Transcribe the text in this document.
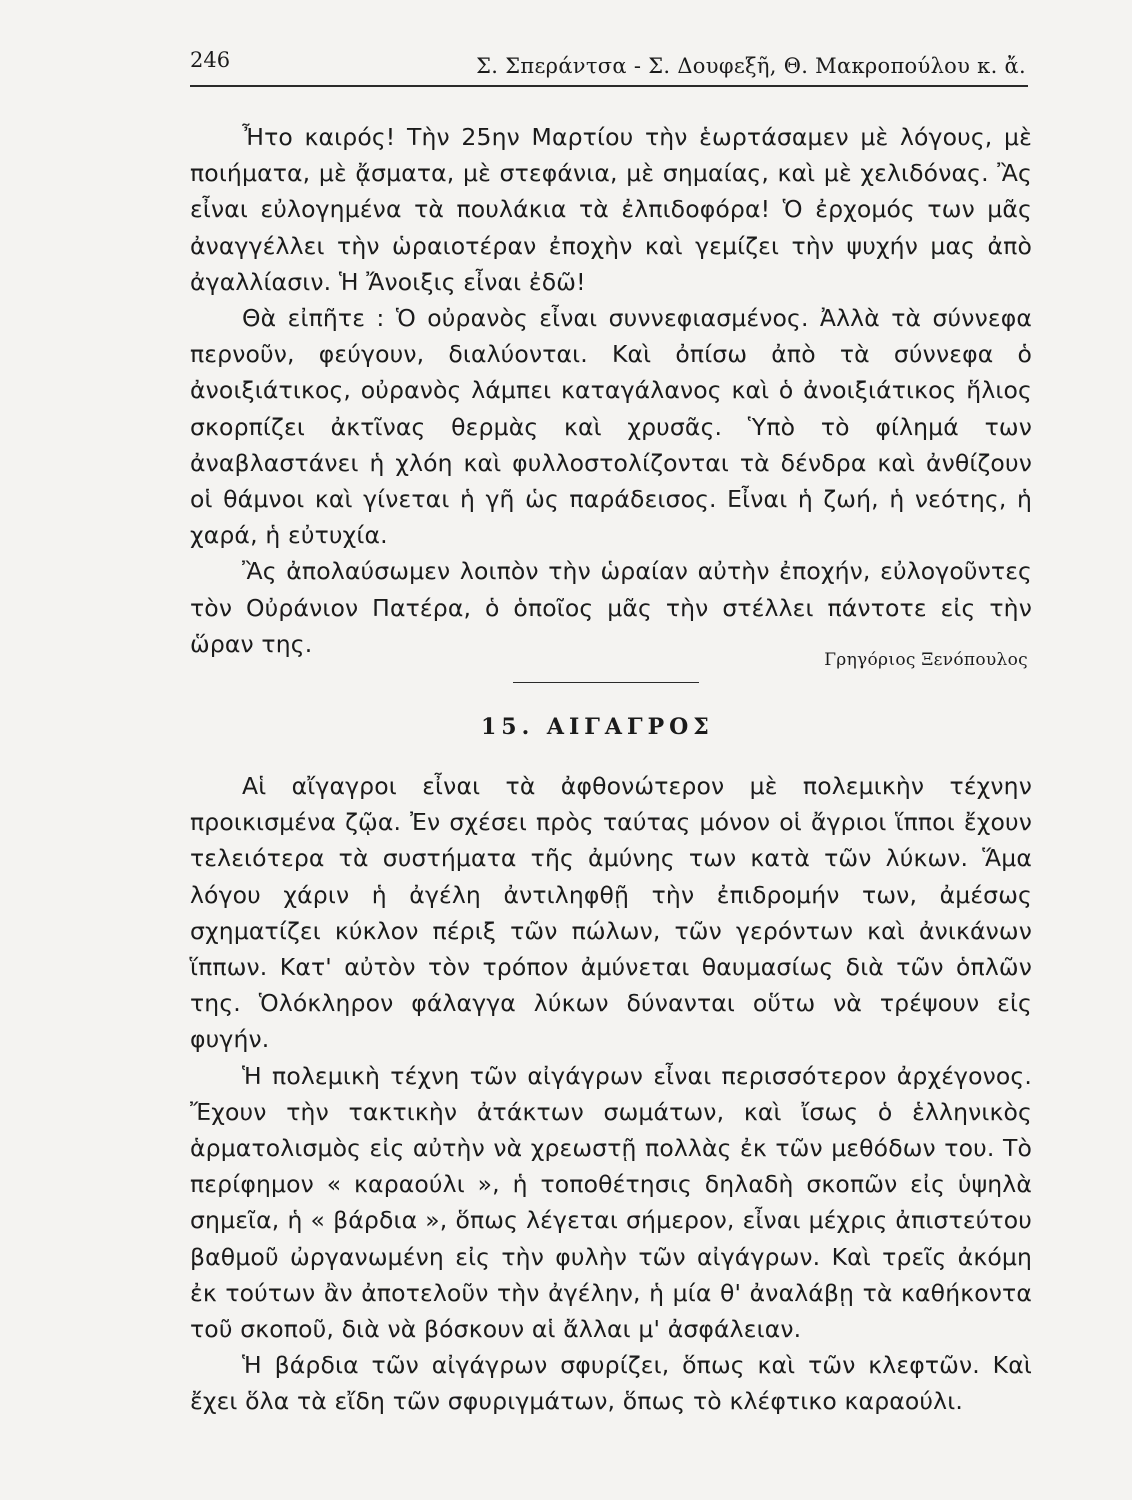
246	Σ. Σπεράντσα - Σ. Δουφεξῆ, Θ. Μακροπούλου κ. ἄ.

Ἦτο καιρός! Τὴν 25ην Μαρτίου τὴν ἑωρτάσαμεν μὲ λόγους, μὲ ποιήματα, μὲ ᾄσματα, μὲ στεφάνια, μὲ σημαίας, καὶ μὲ χελιδόνας. Ἂς εἶναι εὐλογημένα τὰ πουλάκια τὰ ἐλπιδοφόρα! Ὁ ἐρχομός των μᾶς ἀναγγέλλει τὴν ὡραιοτέραν ἐποχὴν καὶ γεμίζει τὴν ψυχήν μας ἀπὸ ἀγαλλίασιν. Ἡ Ἄνοιξις εἶναι ἐδῶ!

Θὰ εἰπῆτε : Ὁ οὐρανὸς εἶναι συννεφιασμένος. Ἀλλὰ τὰ σύννεφα περνοῦν, φεύγουν, διαλύονται. Καὶ ὀπίσω ἀπὸ τὰ σύννεφα ὁ ἀνοιξιάτικος, οὐρανὸς λάμπει καταγάλανος καὶ ὁ ἀνοιξιάτικος ἥλιος σκορπίζει ἀκτῖνας θερμὰς καὶ χρυσᾶς. Ὑπὸ τὸ φίλημά των ἀναβλαστάνει ἡ χλόη καὶ φυλλοστολίζονται τὰ δένδρα καὶ ἀνθίζουν οἱ θάμνοι καὶ γίνεται ἡ γῆ ὡς παράδεισος. Εἶναι ἡ ζωή, ἡ νεότης, ἡ χαρά, ἡ εὐτυχία.

Ἂς ἀπολαύσωμεν λοιπὸν τὴν ὡραίαν αὐτὴν ἐποχήν, εὐλογοῦντες τὸν Οὐράνιον Πατέρα, ὁ ὁποῖος μᾶς τὴν στέλλει πάντοτε εἰς τὴν ὥραν της.

Γρηγόριος Ξενόπουλος
15. ΑΙΓΑΓΡΟΣ

Αἱ αἴγαγροι εἶναι τὰ ἀφθονώτερον μὲ πολεμικὴν τέχνην προικισμένα ζῷα. Ἐν σχέσει πρὸς ταύτας μόνον οἱ ἄγριοι ἵπποι ἔχουν τελειότερα τὰ συστήματα τῆς ἀμύνης των κατὰ τῶν λύκων. Ἅμα λόγου χάριν ἡ ἀγέλη ἀντιληφθῇ τὴν ἐπιδρομήν των, ἀμέσως σχηματίζει κύκλον πέριξ τῶν πώλων, τῶν γερόντων καὶ ἀνικάνων ἵππων. Κατ' αὐτὸν τὸν τρόπον ἀμύνεται θαυμασίως διὰ τῶν ὁπλῶν της. Ὁλόκληρον φάλαγγα λύκων δύνανται οὕτω νὰ τρέψουν εἰς φυγήν.

Ἡ πολεμικὴ τέχνη τῶν αἰγάγρων εἶναι περισσότερον ἀρχέγονος. Ἔχουν τὴν τακτικὴν ἀτάκτων σωμάτων, καὶ ἴσως ὁ ἑλληνικὸς ἁρματολισμὸς εἰς αὐτὴν νὰ χρεωστῇ πολλὰς ἐκ τῶν μεθόδων του. Τὸ περίφημον « καραούλι », ἡ τοποθέτησις δηλαδὴ σκοπῶν εἰς ὑψηλὰ σημεῖα, ἡ « βάρδια », ὅπως λέγεται σήμερον, εἶναι μέχρις ἀπιστεύτου βαθμοῦ ὠργανωμένη εἰς τὴν φυλὴν τῶν αἰγάγρων. Καὶ τρεῖς ἀκόμη ἐκ τούτων ἂν ἀποτελοῦν τὴν ἀγέλην, ἡ μία θ' ἀναλάβῃ τὰ καθήκοντα τοῦ σκοποῦ, διὰ νὰ βόσκουν αἱ ἄλλαι μ' ἀσφάλειαν.

Ἡ βάρδια τῶν αἰγάγρων σφυρίζει, ὅπως καὶ τῶν κλεφτῶν. Καὶ ἔχει ὅλα τὰ εἴδη τῶν σφυριγμάτων, ὅπως τὸ κλέφτικο καραούλι.
